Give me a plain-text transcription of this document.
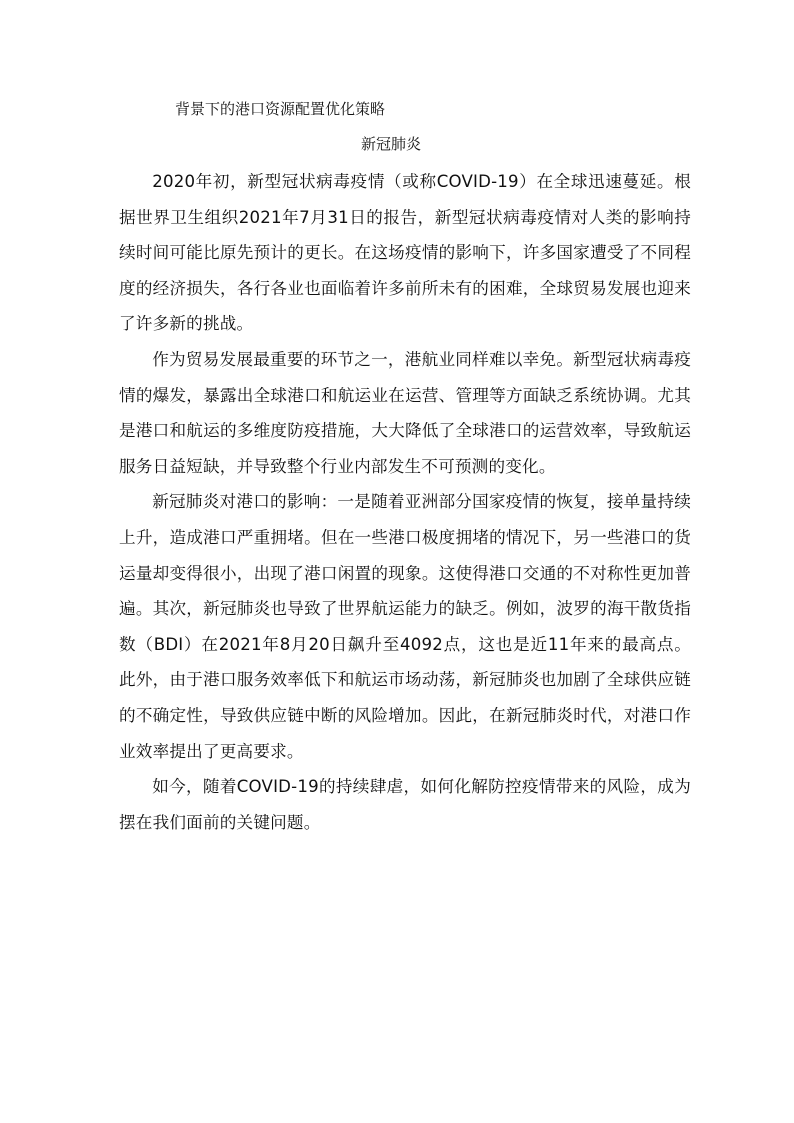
背景下的港口资源配置优化策略
新冠肺炎

2020年初，新型冠状病毒疫情（或称COVID-19）在全球迅速蔓延。根据世界卫生组织2021年7月31日的报告，新型冠状病毒疫情对人类的影响持续时间可能比原先预计的更长。在这场疫情的影响下，许多国家遭受了不同程度的经济损失，各行各业也面临着许多前所未有的困难，全球贸易发展也迎来了许多新的挑战。

作为贸易发展最重要的环节之一，港航业同样难以幸免。新型冠状病毒疫情的爆发，暴露出全球港口和航运业在运营、管理等方面缺乏系统协调。尤其是港口和航运的多维度防疫措施，大大降低了全球港口的运营效率，导致航运服务日益短缺，并导致整个行业内部发生不可预测的变化。

新冠肺炎对港口的影响：一是随着亚洲部分国家疫情的恢复，接单量持续上升，造成港口严重拥堵。但在一些港口极度拥堵的情况下，另一些港口的货运量却变得很小，出现了港口闲置的现象。这使得港口交通的不对称性更加普遍。其次，新冠肺炎也导致了世界航运能力的缺乏。例如，波罗的海干散货指数（BDI）在2021年8月20日飙升至4092点，这也是近11年来的最高点。此外，由于港口服务效率低下和航运市场动荡，新冠肺炎也加剧了全球供应链的不确定性，导致供应链中断的风险增加。因此，在新冠肺炎时代，对港口作业效率提出了更高要求。

如今，随着COVID-19的持续肆虐，如何化解防控疫情带来的风险，成为摆在我们面前的关键问题。
